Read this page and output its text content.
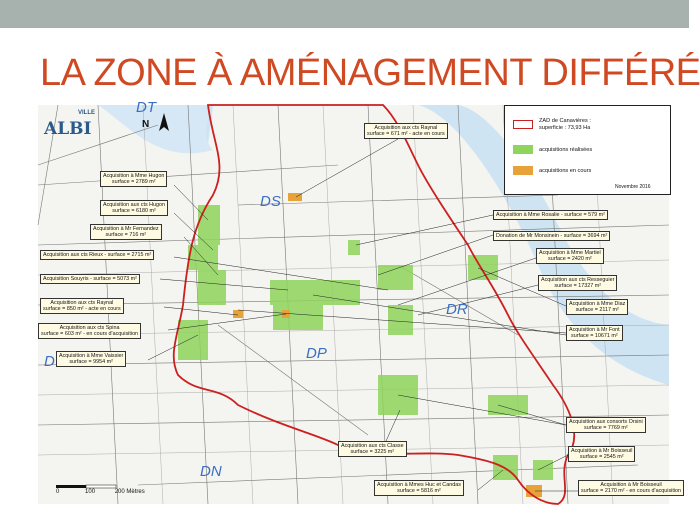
LA ZONE À AMÉNAGEMENT DIFFÉRÉ
VILLE
ALBI	N
DT
DS
DR
DP
DN
D
ZAD de Canavières :
superficie : 73,93 Ha
acquisitions réalisées
acquisitions en cours
Novembre 2016
Acquisition aux cts Raynal
surface = 671 m² - acte en cours
Acquisition à Mme Hugon
surface = 2789 m²
Acquisition aux cts Hugon
surface = 6180 m²
Acquisition à Mr Fernandez
surface = 716 m²
Acquisition aux cts Rieux - surface = 2715 m²
Acquisition Souyris - surface = 5073 m²
Acquisition aux cts Raynal
surface = 850 m² - acte en cours
Acquisition aux cts Spina
surface = 603 m² - en cours d'acquisition
Acquisition à Mme Vaissier
surface = 9954 m²
Acquisition à Mme Rosalie - surface = 579 m²
Donation de Mr Monsinein - surface = 3694 m²
Acquisition à Mme Martiel
surface = 2420 m²
Acquisition aux cts Resseguier
surface = 17327 m²
Acquisition à Mme Diaz
surface = 2117 m²
Acquisition à Mr Font
surface = 10671 m²
Acquisition aux consorts Orsini
surface = 7769 m²
Acquisition aux cts Classe
surface = 3225 m²	Acquisition à Mr Boisseuil
surface = 2545 m²
Acquisition à Mmes Huc et Candas
surface = 5816 m²
Acquisition à Mr Boisseuil
surface = 2170 m² - en cours d'acquisition
0	100	200 Mètres
